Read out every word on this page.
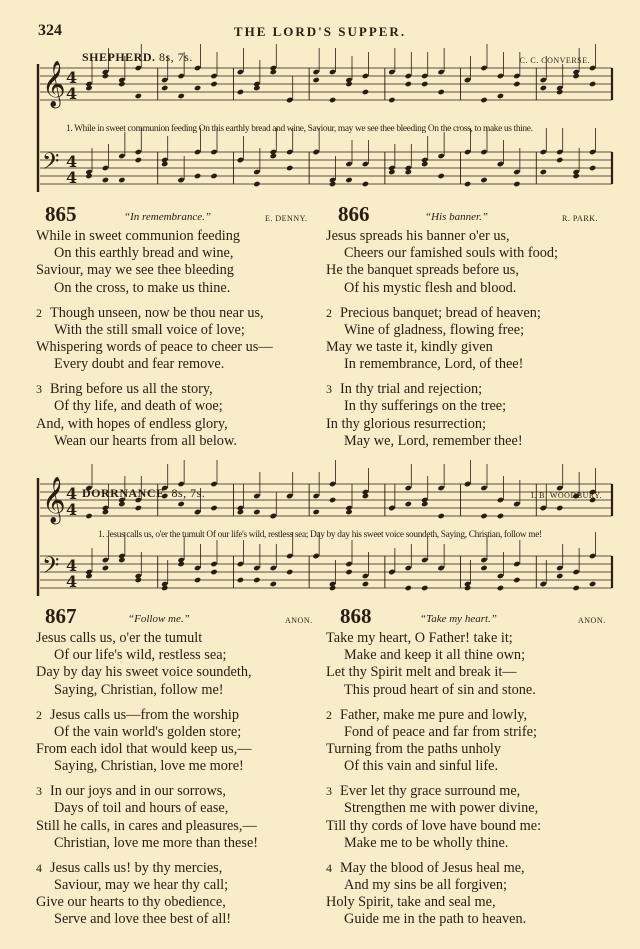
324	THE LORD'S SUPPER.
𝄞 4
4
𝄢 4
4
𝄞 4
4
𝄢 4
4
SHEPHERD. 8s, 7s.	C. C. CONVERSE.
1. While in sweet communion feeding On this earthly bread and wine, Saviour, may we see thee bleeding On the cross, to make us thine.
865	“In remembrance.”	E. DENNY. 866	“His banner.”	R. PARK.
While in sweet communion feeding
On this earthly bread and wine,
Saviour, may we see thee bleeding
On the cross, to make us thine.
2 Though unseen, now be thou near us,
With the still small voice of love;
Whispering words of peace to cheer us—
Every doubt and fear remove.
3 Bring before us all the story,
Of thy life, and death of woe;
And, with hopes of endless glory,
Wean our hearts from all below.
Jesus spreads his banner o'er us,
Cheers our famished souls with food;
He the banquet spreads before us,
Of his mystic flesh and blood.
2 Precious banquet; bread of heaven;
Wine of gladness, flowing free;
May we taste it, kindly given
In remembrance, Lord, of thee!
3 In thy trial and rejection;
In thy sufferings on the tree;
In thy glorious resurrection;
May we, Lord, remember thee!
DORRNANCE. 8s, 7s.	I. B. WOODBURY.
1. Jesus calls us, o'er the tumult Of our life's wild, restless sea; Day by day his sweet voice soundeth, Saying, Christian, follow me!
867	“Follow me.”	ANON. 868	“Take my heart.”	ANON.
Jesus calls us, o'er the tumult
Of our life's wild, restless sea;
Day by day his sweet voice soundeth,
Saying, Christian, follow me!
2 Jesus calls us—from the worship
Of the vain world's golden store;
From each idol that would keep us,—
Saying, Christian, love me more!
3 In our joys and in our sorrows,
Days of toil and hours of ease,
Still he calls, in cares and pleasures,—
Christian, love me more than these!
4 Jesus calls us! by thy mercies,
Saviour, may we hear thy call;
Give our hearts to thy obedience,
Serve and love thee best of all!
Take my heart, O Father! take it;
Make and keep it all thine own;
Let thy Spirit melt and break it—
This proud heart of sin and stone.
2 Father, make me pure and lowly,
Fond of peace and far from strife;
Turning from the paths unholy
Of this vain and sinful life.
3 Ever let thy grace surround me,
Strengthen me with power divine,
Till thy cords of love have bound me:
Make me to be wholly thine.
4 May the blood of Jesus heal me,
And my sins be all forgiven;
Holy Spirit, take and seal me,
Guide me in the path to heaven.
